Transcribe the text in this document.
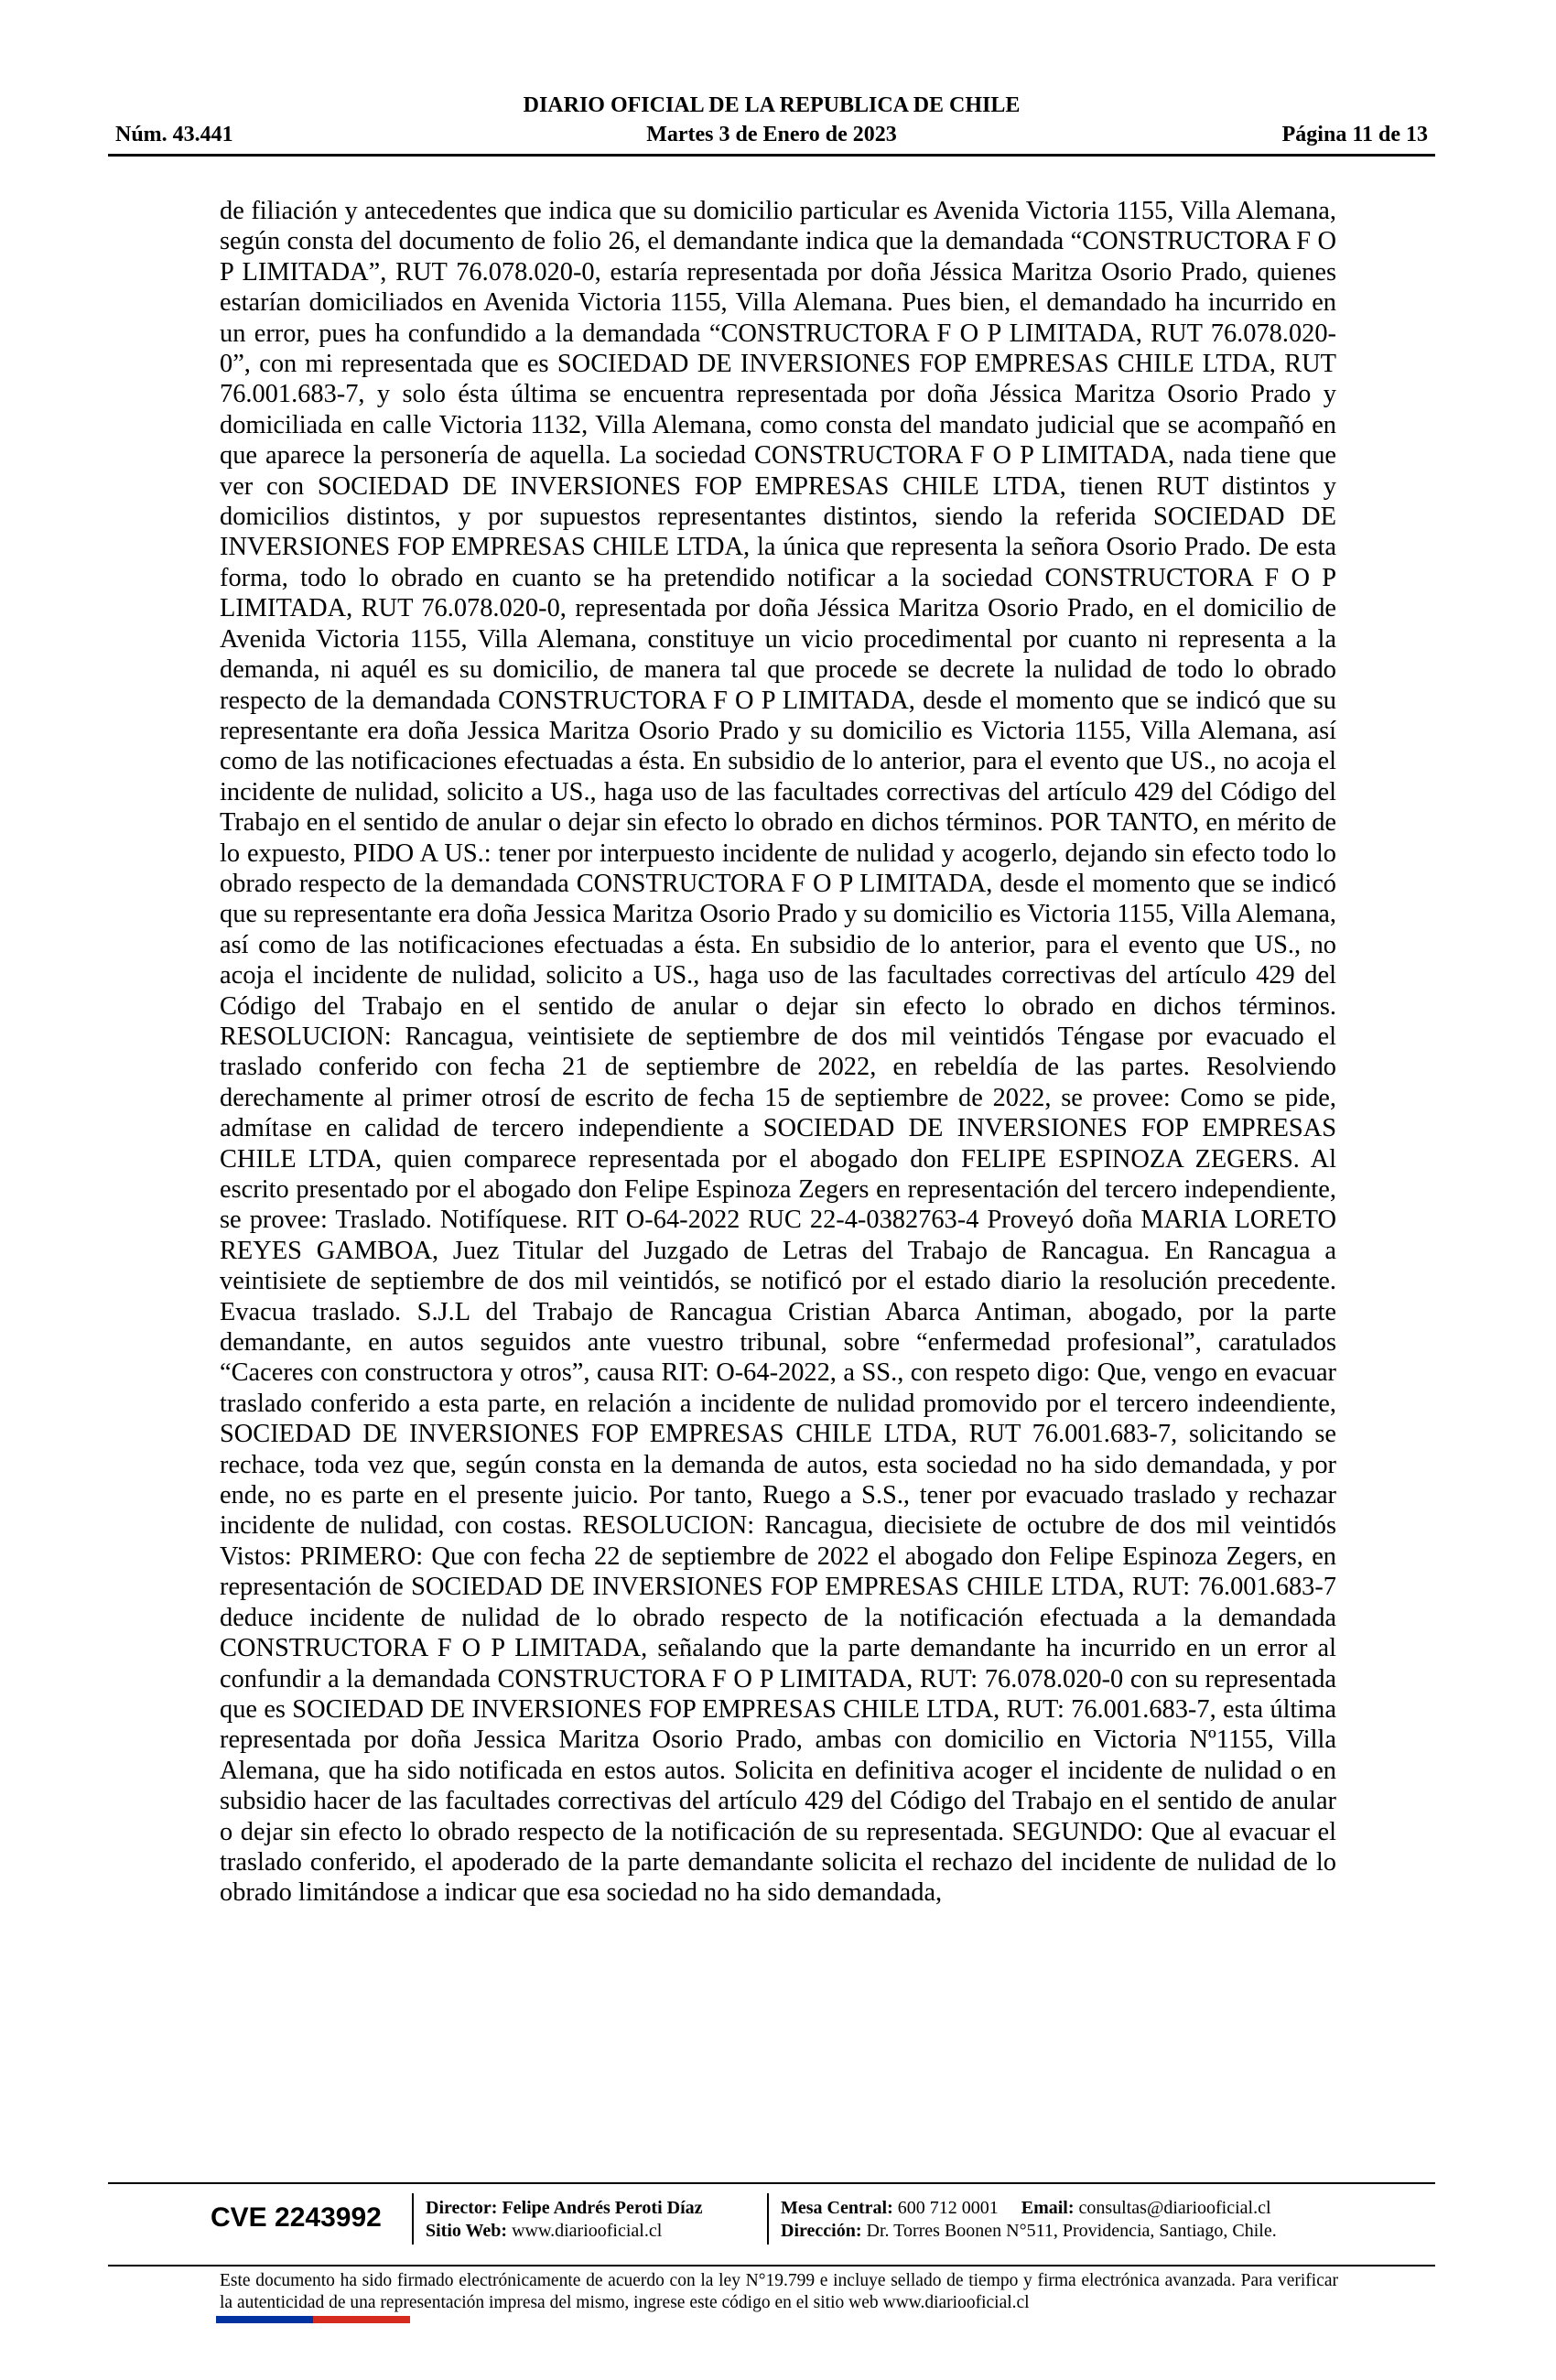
DIARIO OFICIAL DE LA REPUBLICA DE CHILE
Núm. 43.441	Martes 3 de Enero de 2023	Página 11 de 13

de filiación y antecedentes que indica que su domicilio particular es Avenida Victoria 1155, Villa Alemana, según consta del documento de folio 26, el demandante indica que la demandada “CONSTRUCTORA F O P LIMITADA”, RUT 76.078.020-0, estaría representada por doña Jéssica Maritza Osorio Prado, quienes estarían domiciliados en Avenida Victoria 1155, Villa Alemana. Pues bien, el demandado ha incurrido en un error, pues ha confundido a la demandada “CONSTRUCTORA F O P LIMITADA, RUT 76.078.020-0”, con mi representada que es SOCIEDAD DE INVERSIONES FOP EMPRESAS CHILE LTDA, RUT 76.001.683-7, y solo ésta última se encuentra representada por doña Jéssica Maritza Osorio Prado y domiciliada en calle Victoria 1132, Villa Alemana, como consta del mandato judicial que se acompañó en que aparece la personería de aquella. La sociedad CONSTRUCTORA F O P LIMITADA, nada tiene que ver con SOCIEDAD DE INVERSIONES FOP EMPRESAS CHILE LTDA, tienen RUT distintos y domicilios distintos, y por supuestos representantes distintos, siendo la referida SOCIEDAD DE INVERSIONES FOP EMPRESAS CHILE LTDA, la única que representa la señora Osorio Prado. De esta forma, todo lo obrado en cuanto se ha pretendido notificar a la sociedad CONSTRUCTORA F O P LIMITADA, RUT 76.078.020-0, representada por doña Jéssica Maritza Osorio Prado, en el domicilio de Avenida Victoria 1155, Villa Alemana, constituye un vicio procedimental por cuanto ni representa a la demanda, ni aquél es su domicilio, de manera tal que procede se decrete la nulidad de todo lo obrado respecto de la demandada CONSTRUCTORA F O P LIMITADA, desde el momento que se indicó que su representante era doña Jessica Maritza Osorio Prado y su domicilio es Victoria 1155, Villa Alemana, así como de las notificaciones efectuadas a ésta. En subsidio de lo anterior, para el evento que US., no acoja el incidente de nulidad, solicito a US., haga uso de las facultades correctivas del artículo 429 del Código del Trabajo en el sentido de anular o dejar sin efecto lo obrado en dichos términos. POR TANTO, en mérito de lo expuesto, PIDO A US.: tener por interpuesto incidente de nulidad y acogerlo, dejando sin efecto todo lo obrado respecto de la demandada CONSTRUCTORA F O P LIMITADA, desde el momento que se indicó que su representante era doña Jessica Maritza Osorio Prado y su domicilio es Victoria 1155, Villa Alemana, así como de las notificaciones efectuadas a ésta. En subsidio de lo anterior, para el evento que US., no acoja el incidente de nulidad, solicito a US., haga uso de las facultades correctivas del artículo 429 del Código del Trabajo en el sentido de anular o dejar sin efecto lo obrado en dichos términos. RESOLUCION: Rancagua, veintisiete de septiembre de dos mil veintidós Téngase por evacuado el traslado conferido con fecha 21 de septiembre de 2022, en rebeldía de las partes. Resolviendo derechamente al primer otrosí de escrito de fecha 15 de septiembre de 2022, se provee: Como se pide, admítase en calidad de tercero independiente a SOCIEDAD DE INVERSIONES FOP EMPRESAS CHILE LTDA, quien comparece representada por el abogado don FELIPE ESPINOZA ZEGERS. Al escrito presentado por el abogado don Felipe Espinoza Zegers en representación del tercero independiente, se provee: Traslado. Notifíquese. RIT O-64-2022 RUC 22-4-0382763-4 Proveyó doña MARIA LORETO REYES GAMBOA, Juez Titular del Juzgado de Letras del Trabajo de Rancagua. En Rancagua a veintisiete de septiembre de dos mil veintidós, se notificó por el estado diario la resolución precedente. Evacua traslado. S.J.L del Trabajo de Rancagua Cristian Abarca Antiman, abogado, por la parte demandante, en autos seguidos ante vuestro tribunal, sobre “enfermedad profesional”, caratulados “Caceres con constructora y otros”, causa RIT: O-64-2022, a SS., con respeto digo: Que, vengo en evacuar traslado conferido a esta parte, en relación a incidente de nulidad promovido por el tercero indeendiente, SOCIEDAD DE INVERSIONES FOP EMPRESAS CHILE LTDA, RUT 76.001.683-7, solicitando se rechace, toda vez que, según consta en la demanda de autos, esta sociedad no ha sido demandada, y por ende, no es parte en el presente juicio. Por tanto, Ruego a S.S., tener por evacuado traslado y rechazar incidente de nulidad, con costas. RESOLUCION: Rancagua, diecisiete de octubre de dos mil veintidós Vistos: PRIMERO: Que con fecha 22 de septiembre de 2022 el abogado don Felipe Espinoza Zegers, en representación de SOCIEDAD DE INVERSIONES FOP EMPRESAS CHILE LTDA, RUT: 76.001.683-7 deduce incidente de nulidad de lo obrado respecto de la notificación efectuada a la demandada CONSTRUCTORA F O P LIMITADA, señalando que la parte demandante ha incurrido en un error al confundir a la demandada CONSTRUCTORA F O P LIMITADA, RUT: 76.078.020-0 con su representada que es SOCIEDAD DE INVERSIONES FOP EMPRESAS CHILE LTDA, RUT: 76.001.683-7, esta última representada por doña Jessica Maritza Osorio Prado, ambas con domicilio en Victoria Nº1155, Villa Alemana, que ha sido notificada en estos autos. Solicita en definitiva acoger el incidente de nulidad o en subsidio hacer de las facultades correctivas del artículo 429 del Código del Trabajo en el sentido de anular o dejar sin efecto lo obrado respecto de la notificación de su representada. SEGUNDO: Que al evacuar el traslado conferido, el apoderado de la parte demandante solicita el rechazo del incidente de nulidad de lo obrado limitándose a indicar que esa sociedad no ha sido demandada,

CVE 2243992 Director: Felipe Andrés Peroti Díaz
Sitio Web: www.diariooficial.cl
Mesa Central: 600 712 0001 Email: consultas@diariooficial.cl
Dirección: Dr. Torres Boonen N°511, Providencia, Santiago, Chile.
Este documento ha sido firmado electrónicamente de acuerdo con la ley N°19.799 e incluye sellado de tiempo y firma electrónica avanzada. Para verificar la autenticidad de una representación impresa del mismo, ingrese este código en el sitio web www.diariooficial.cl
